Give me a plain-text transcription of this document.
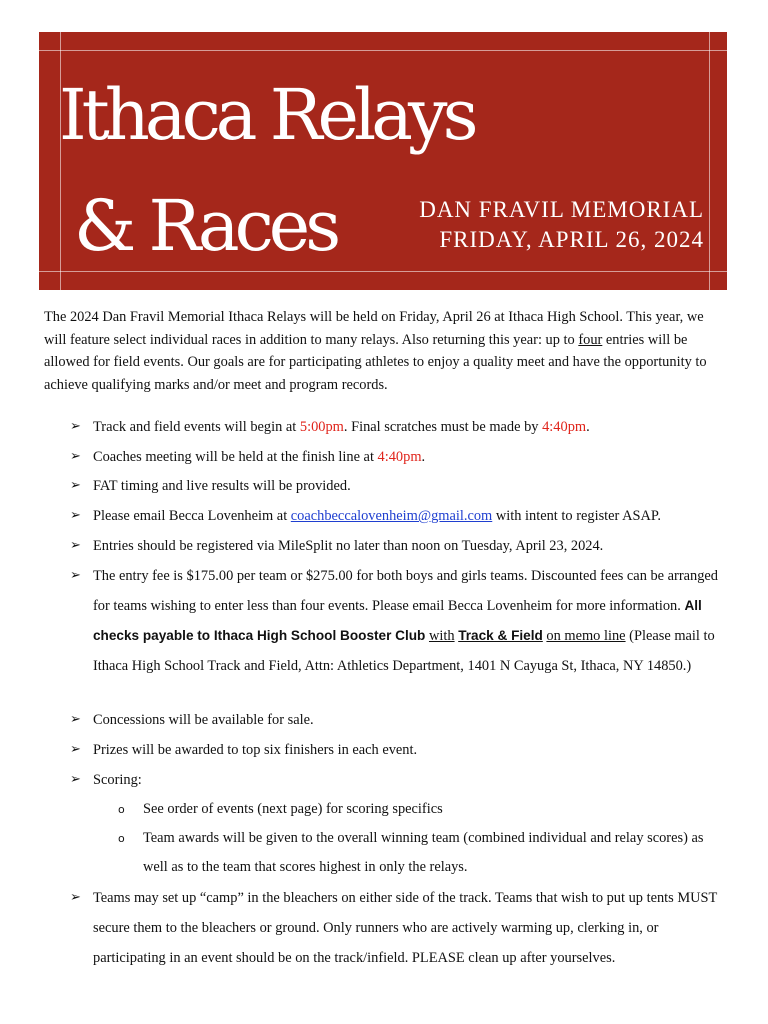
Ithaca Relays
& Races	DAN FRAVIL MEMORIAL
FRIDAY, APRIL 26, 2024
The 2024 Dan Fravil Memorial Ithaca Relays will be held on Friday, April 26 at Ithaca High School. This year, we will feature select individual races in addition to many relays. Also returning this year: up to four entries will be allowed for field events. Our goals are for participating athletes to enjoy a quality meet and have the opportunity to achieve qualifying marks and/or meet and program records.
➢ Track and field events will begin at 5:00pm. Final scratches must be made by 4:40pm.
➢ Coaches meeting will be held at the finish line at 4:40pm.
➢ FAT timing and live results will be provided.
➢ Please email Becca Lovenheim at coachbeccalovenheim@gmail.com with intent to register ASAP.
➢ Entries should be registered via MileSplit no later than noon on Tuesday, April 23, 2024.
➢ The entry fee is $175.00 per team or $275.00 for both boys and girls teams. Discounted fees can be arranged for teams wishing to enter less than four events. Please email Becca Lovenheim for more information. All checks payable to Ithaca High School Booster Club with Track & Field on memo line (Please mail to Ithaca High School Track and Field, Attn: Athletics Department, 1401 N Cayuga St, Ithaca, NY 14850.)
➢ Concessions will be available for sale.
➢ Prizes will be awarded to top six finishers in each event.
➢ Scoring:
o See order of events (next page) for scoring specifics
o Team awards will be given to the overall winning team (combined individual and relay scores) as well as to the team that scores highest in only the relays.
➢ Teams may set up “camp” in the bleachers on either side of the track. Teams that wish to put up tents MUST secure them to the bleachers or ground. Only runners who are actively warming up, clerking in, or participating in an event should be on the track/infield. PLEASE clean up after yourselves.
